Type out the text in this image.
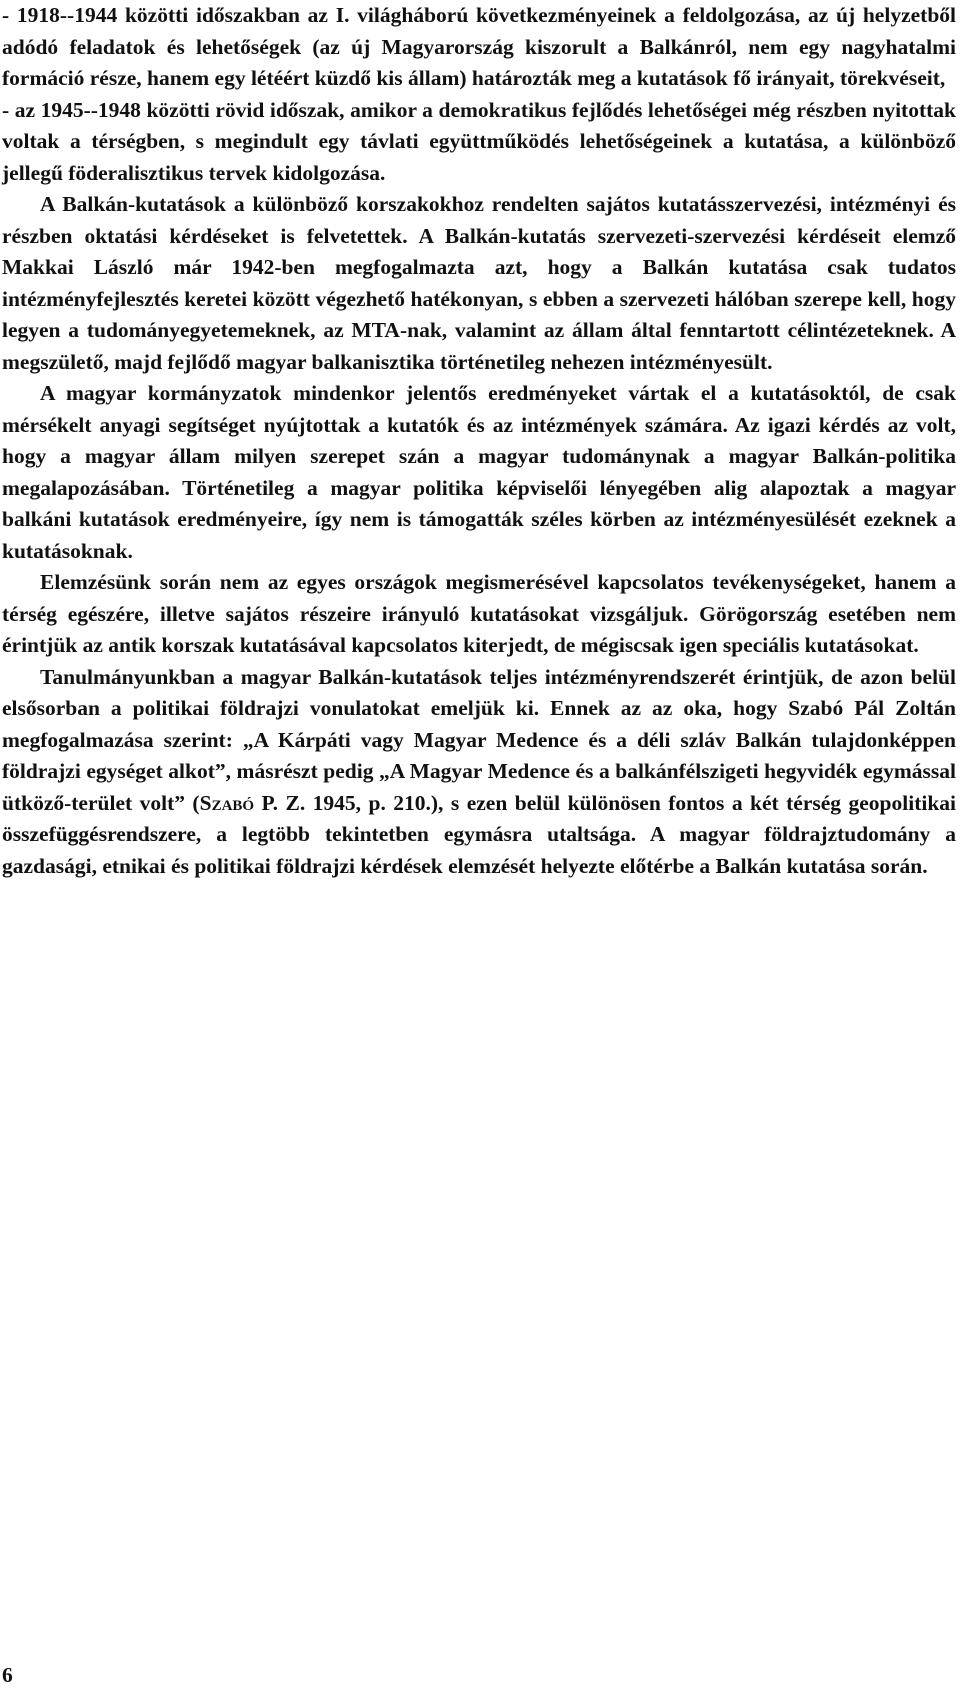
- 1918--1944 közötti időszakban az I. világháború következményeinek a feldolgozása, az új helyzetből adódó feladatok és lehetőségek (az új Magyarország kiszorult a Balkánról, nem egy nagyhatalmi formáció része, hanem egy létéért küzdő kis állam) határozták meg a kutatások fő irányait, törekvéseit,

- az 1945--1948 közötti rövid időszak, amikor a demokratikus fejlődés lehetőségei még részben nyitottak voltak a térségben, s megindult egy távlati együttműködés lehetőségeinek a kutatása, a különböző jellegű föderalisztikus tervek kidolgozása.

A Balkán-kutatások a különböző korszakokhoz rendelten sajátos kutatásszervezési, intézményi és részben oktatási kérdéseket is felvetettek. A Balkán-kutatás szervezeti-szervezési kérdéseit elemző Makkai László már 1942-ben megfogalmazta azt, hogy a Balkán kutatása csak tudatos intézményfejlesztés keretei között végezhető hatékonyan, s ebben a szervezeti hálóban szerepe kell, hogy legyen a tudományegyetemeknek, az MTA-nak, valamint az állam által fenntartott célintézeteknek. A megszülető, majd fejlődő magyar balkanisztika történetileg nehezen intézményesült.

A magyar kormányzatok mindenkor jelentős eredményeket vártak el a kutatásoktól, de csak mérsékelt anyagi segítséget nyújtottak a kutatók és az intézmények számára. Az igazi kérdés az volt, hogy a magyar állam milyen szerepet szán a magyar tudománynak a magyar Balkán-politika megalapozásában. Történetileg a magyar politika képviselői lényegében alig alapoztak a magyar balkáni kutatások eredményeire, így nem is támogatták széles körben az intézményesülését ezeknek a kutatásoknak.

Elemzésünk során nem az egyes országok megismerésével kapcsolatos tevékenységeket, hanem a térség egészére, illetve sajátos részeire irányuló kutatásokat vizsgáljuk. Görögország esetében nem érintjük az antik korszak kutatásával kapcsolatos kiterjedt, de mégiscsak igen speciális kutatásokat.

Tanulmányunkban a magyar Balkán-kutatások teljes intézményrendszerét érintjük, de azon belül elsősorban a politikai földrajzi vonulatokat emeljük ki. Ennek az az oka, hogy Szabó Pál Zoltán megfogalmazása szerint: „A Kárpáti vagy Magyar Medence és a déli szláv Balkán tulajdonképpen földrajzi egységet alkot”, másrészt pedig „A Magyar Medence és a balkánfélszigeti hegyvidék egymással ütköző-terület volt” (Szabó P. Z. 1945, p. 210.), s ezen belül különösen fontos a két térség geopolitikai összefüggésrendszere, a legtöbb tekintetben egymásra utaltsága. A magyar földrajztudomány a gazdasági, etnikai és politikai földrajzi kérdések elemzését helyezte előtérbe a Balkán kutatása során.

6
